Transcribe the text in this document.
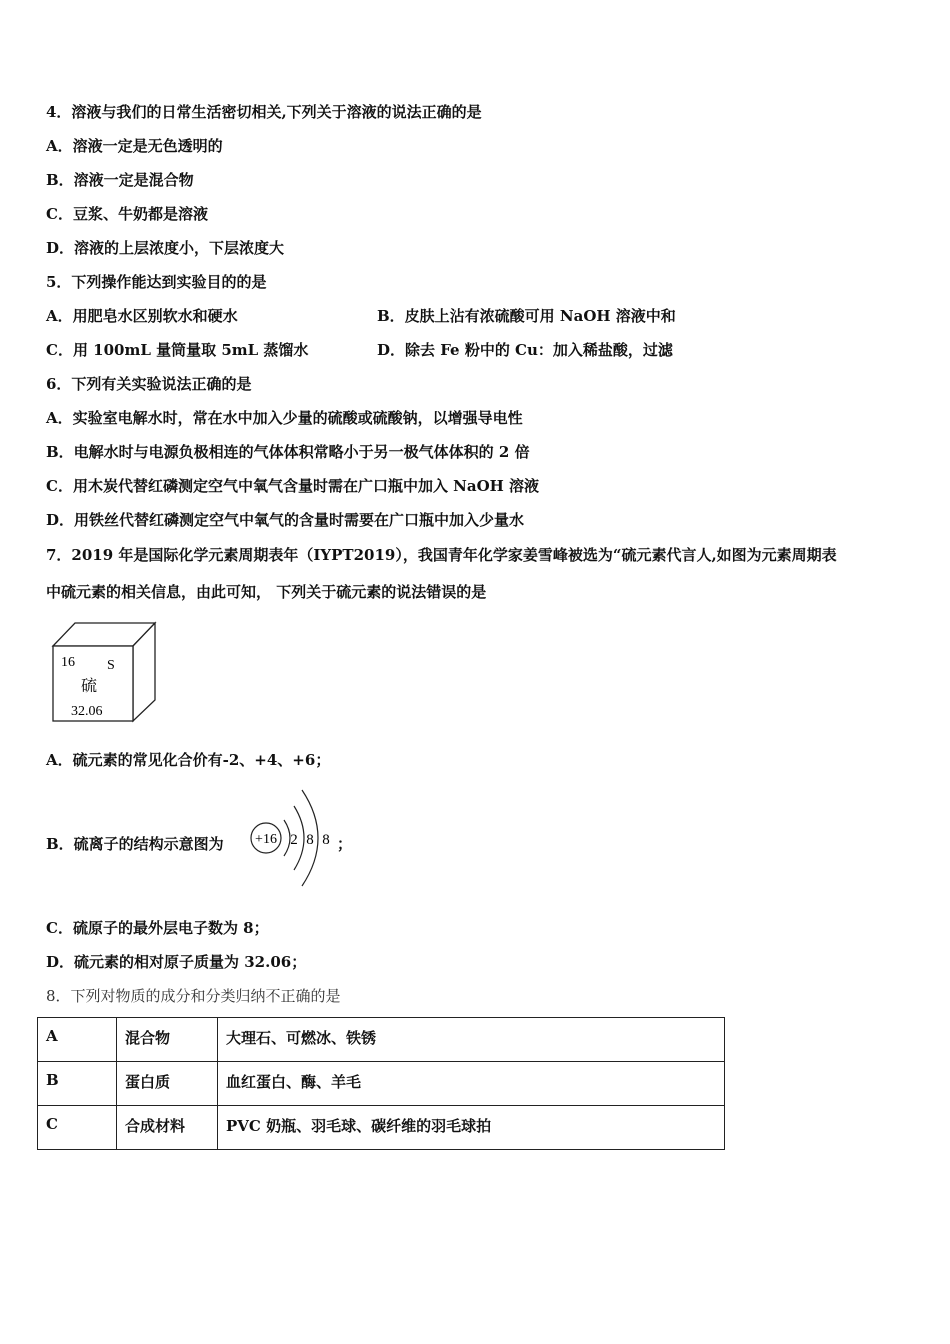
4．溶液与我们的日常生活密切相关,下列关于溶液的说法正确的是
A．溶液一定是无色透明的
B．溶液一定是混合物
C．豆浆、牛奶都是溶液
D．溶液的上层浓度小，下层浓度大
5．下列操作能达到实验目的的是
A．用肥皂水区别软水和硬水	B．皮肤上沾有浓硫酸可用 NaOH 溶液中和
C．用 100mL 量筒量取 5mL 蒸馏水	D．除去 Fe 粉中的 Cu：加入稀盐酸，过滤
6．下列有关实验说法正确的是
A．实验室电解水时，常在水中加入少量的硫酸或硫酸钠，以增强导电性
B．电解水时与电源负极相连的气体体积常略小于另一极气体体积的 2 倍
C．用木炭代替红磷测定空气中氧气含量时需在广口瓶中加入 NaOH 溶液
D．用铁丝代替红磷测定空气中氧气的含量时需要在广口瓶中加入少量水
7．2019 年是国际化学元素周期表年（IYPT2019），我国青年化学家姜雪峰被选为“硫元素代言人,如图为元素周期表
中硫元素的相关信息，由此可知， 下列关于硫元素的说法错误的是
16 S
硫
32.06
A．硫元素的常见化合价有-2、+4、+6；
B．硫离子的结构示意图为 +16 2 8 8 ；
C．硫原子的最外层电子数为 8；
D．硫元素的相对原子质量为 32.06；
8．下列对物质的成分和分类归纳不正确的是
A	混合物	大理石、可燃冰、铁锈
B	蛋白质	血红蛋白、酶、羊毛
C	合成材料	PVC 奶瓶、羽毛球、碳纤维的羽毛球拍
